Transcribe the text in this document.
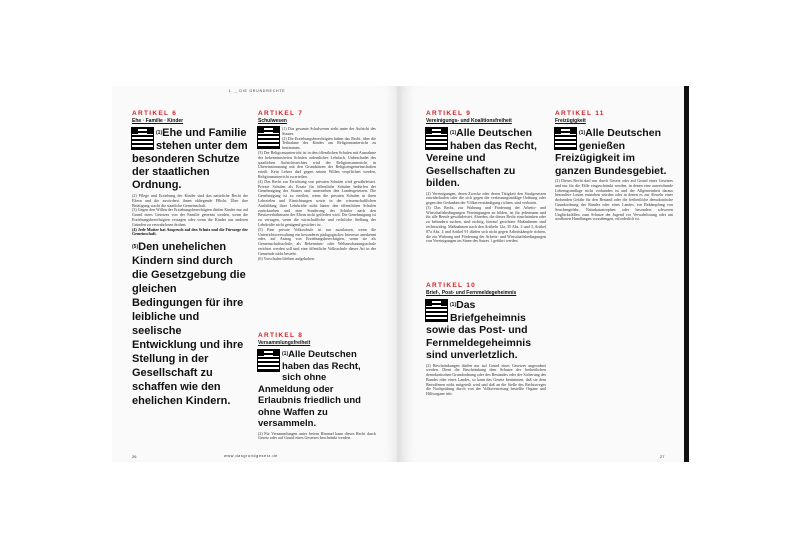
1. _ DIE GRUNDRECHTE
ARTIKEL 6
Ehe · Familie · Kinder
$^{(1)}$Ehe und Familie stehen unter dem besonderen Schutze der staatlichen Ordnung.

(2) Pflege und Erziehung der Kinder sind das natürliche Recht der Eltern und die zuvörderst ihnen obliegende Pflicht. Über ihre Betätigung wacht die staatliche Gemeinschaft.

(3) Gegen den Willen der Erziehungsberechtigten dürfen Kinder nur auf Grund eines Gesetzes von der Familie getrennt werden, wenn die Erziehungsberechtigten versagen oder wenn die Kinder aus anderen Gründen zu verwahrlosen drohen.

(4) Jede Mutter hat Anspruch auf den Schutz und die Fürsorge der Gemeinschaft.

$^{(5)}$Den unehelichen Kindern sind durch die Gesetzgebung die gleichen Bedingungen für ihre leibliche und seelische Entwicklung und ihre Stellung in der Gesellschaft zu schaffen wie den ehelichen Kindern.
ARTIKEL 7
Schulwesen

(1) Das gesamte Schulwesen steht unter der Aufsicht des Staates.

(2) Die Erziehungsberechtigten haben das Recht, über die Teilnahme des Kindes am Religionsunterricht zu bestimmen.

(3) Der Religionsunterricht ist in den öffentlichen Schulen mit Ausnahme der bekenntnisfreien Schulen ordentliches Lehrfach. Unbeschadet des staatlichen Aufsichtsrechtes wird der Religionsunterricht in Übereinstimmung mit den Grundsätzen der Religionsgemeinschaften erteilt. Kein Lehrer darf gegen seinen Willen verpflichtet werden, Religionsunterricht zu erteilen.

(4) Das Recht zur Errichtung von privaten Schulen wird gewährleistet. Private Schulen als Ersatz für öffentliche Schulen bedürfen der Genehmigung des Staates und unterstehen den Landesgesetzen. Die Genehmigung ist zu erteilen, wenn die privaten Schulen in ihren Lehrzielen und Einrichtungen sowie in der wissenschaftlichen Ausbildung ihrer Lehrkräfte nicht hinter den öffentlichen Schulen zurückstehen und eine Sonderung der Schüler nach den Besitzverhältnissen der Eltern nicht gefördert wird. Die Genehmigung ist zu versagen, wenn die wirtschaftliche und rechtliche Stellung der Lehrkräfte nicht genügend gesichert ist.

(5) Eine private Volksschule ist nur zuzulassen, wenn die Unterrichtsverwaltung ein besonderes pädagogisches Interesse anerkennt oder, auf Antrag von Erziehungsberechtigten, wenn sie als Gemeinschaftsschule, als Bekenntnis- oder Weltanschauungsschule errichtet werden soll und eine öffentliche Volksschule dieser Art in der Gemeinde nicht besteht.

(6) Vorschulen bleiben aufgehoben.

ARTIKEL 8
Versammlungsfreiheit
$^{(1)}$Alle Deutschen haben das Recht, sich ohne Anmeldung oder Erlaubnis friedlich und ohne Waffen zu versammeln.

(2) Für Versammlungen unter freiem Himmel kann dieses Recht durch Gesetz oder auf Grund eines Gesetzes beschränkt werden.

26	www.dasgrundgesetz.de
ARTIKEL 9
Vereinigungs- und Koalitionsfreiheit
$^{(1)}$Alle Deutschen haben das Recht, Vereine und Gesellschaften zu bilden.

(2) Vereinigungen, deren Zwecke oder deren Tätigkeit den Strafgesetzen zuwiderlaufen oder die sich gegen die verfassungsmäßige Ordnung oder gegen den Gedanken der Völkerverständigung richten, sind verboten.

(3) Das Recht, zur Wahrung und Förderung der Arbeits- und Wirtschaftsbedingungen Vereinigungen zu bilden, ist für jedermann und für alle Berufe gewährleistet. Abreden, die dieses Recht einschränken oder zu behindern suchen, sind nichtig, hierauf gerichtete Maßnahmen sind rechtswidrig. Maßnahmen nach den Artikeln 12a, 35 Abs. 2 und 3, Artikel 87a Abs. 4 und Artikel 91 dürfen sich nicht gegen Arbeitskämpfe richten, die zur Wahrung und Förderung der Arbeits- und Wirtschaftsbedingungen von Vereinigungen im Sinne des Satzes 1 geführt werden.

ARTIKEL 10
Brief-, Post- und Fernmeldegeheimnis
$^{(1)}$Das Briefgeheimnis sowie das Post- und Fernmeldegeheimnis sind unverletzlich.

(2) Beschränkungen dürfen nur auf Grund eines Gesetzes angeordnet werden. Dient die Beschränkung dem Schutze der freiheitlichen demokratischen Grundordnung oder des Bestandes oder der Sicherung des Bundes oder eines Landes, so kann das Gesetz bestimmen, daß sie dem Betroffenen nicht mitgeteilt wird und daß an die Stelle des Rechtsweges die Nachprüfung durch von der Volksvertretung bestellte Organe und Hilfsorgane tritt.

ARTIKEL 11
Freizügigkeit
$^{(1)}$Alle Deutschen genießen Freizügigkeit im ganzen Bundesgebiet.

(2) Dieses Recht darf nur durch Gesetz oder auf Grund eines Gesetzes und nur für die Fälle eingeschränkt werden, in denen eine ausreichende Lebensgrundlage nicht vorhanden ist und der Allgemeinheit daraus besondere Lasten entstehen würden oder in denen es zur Abwehr einer drohenden Gefahr für den Bestand oder die freiheitliche demokratische Grundordnung des Bundes oder eines Landes, zur Bekämpfung von Seuchengefahr, Naturkatastrophen oder besonders schweren Unglücksfällen, zum Schutze der Jugend vor Verwahrlosung oder um strafbaren Handlungen vorzubeugen, erforderlich ist.

27
